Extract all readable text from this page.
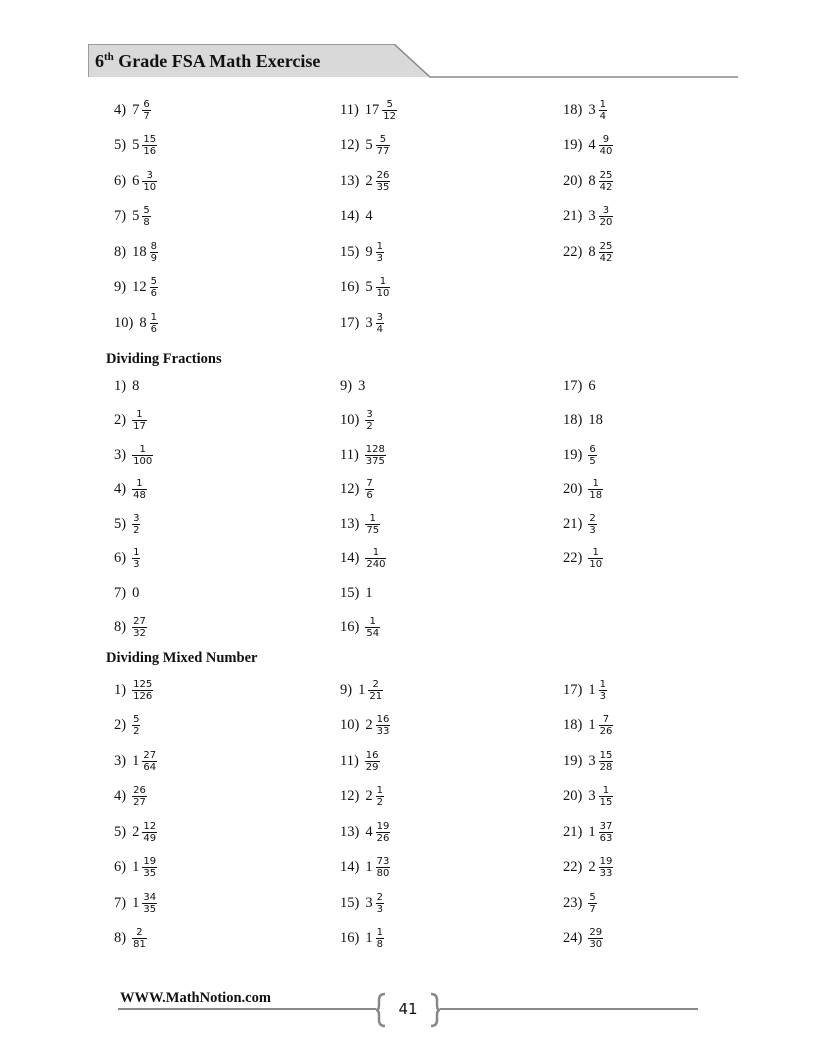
6th Grade FSA Math Exercise
4) $7 \frac{6}{7}$
5) $5 \frac{15}{16}$
6) $6 \frac{3}{10}$
7) $5 \frac{5}{8}$
8) $18 \frac{8}{9}$
9) $12 \frac{5}{6}$
10) $8 \frac{1}{6}$
11) $17 \frac{5}{12}$
12) $5 \frac{5}{77}$
13) $2 \frac{26}{35}$
14) 4
15) $9 \frac{1}{3}$
16) $5 \frac{1}{10}$
17) $3 \frac{3}{4}$
18) $3 \frac{1}{4}$
19) $4 \frac{9}{40}$
20) $8 \frac{25}{42}$
21) $3 \frac{3}{20}$
22) $8 \frac{25}{42}$
Dividing Fractions
1) 8
$2) \frac{1}{17}$
$3) \frac{1}{100}$
$4) \frac{1}{48}$
$5) \frac{3}{2}$
$6) \frac{1}{3}$
7) 0
$8) \frac{27}{32}$
9) 3
$10) \frac{3}{2}$
$11) \frac{128}{375}$
$12) \frac{7}{6}$
$13) \frac{1}{75}$
$14) \frac{1}{240}$
15) 1
$16) \frac{1}{54}$
17) 6
18) 18
$19) \frac{6}{5}$
$20) \frac{1}{18}$
$21) \frac{2}{3}$
$22) \frac{1}{10}$
Dividing Mixed Number
$1) \frac{125}{126}$
$2) \frac{5}{2}$
3) $1 \frac{27}{64}$
$4) \frac{26}{27}$
5) $2 \frac{12}{49}$
6) $1 \frac{19}{35}$
7) $1 \frac{34}{35}$
$8) \frac{2}{81}$
9) $1 \frac{2}{21}$
10) $2 \frac{16}{33}$
$11) \frac{16}{29}$
12) $2 \frac{1}{2}$
13) $4 \frac{19}{26}$
14) $1 \frac{73}{80}$
15) $3 \frac{2}{3}$
16) $1 \frac{1}{8}$
17) $1 \frac{1}{3}$
18) $1 \frac{7}{26}$
19) $3 \frac{15}{28}$
20) $3 \frac{1}{15}$
21) $1 \frac{37}{63}$
22) $2 \frac{19}{33}$
$23) \frac{5}{7}$
$24) \frac{29}{30}$
WWW.MathNotion.com
41
